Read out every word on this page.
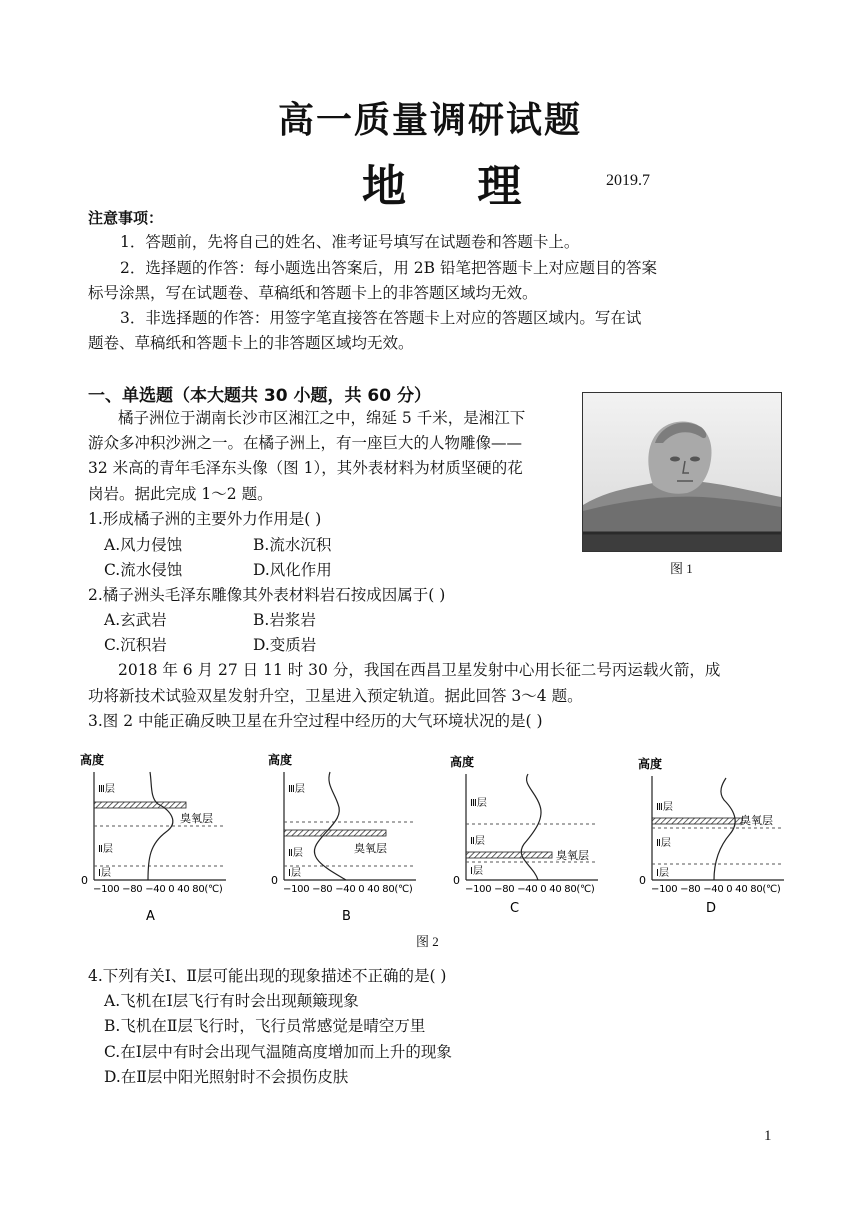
高一质量调研试题
地 理	2019.7
注意事项：
1．答题前，先将自己的姓名、准考证号填写在试题卷和答题卡上。
2．选择题的作答：每小题选出答案后，用 2B 铅笔把答题卡上对应题目的答案
标号涂黑，写在试题卷、草稿纸和答题卡上的非答题区域均无效。
3．非选择题的作答：用签字笔直接答在答题卡上对应的答题区域内。写在试
题卷、草稿纸和答题卡上的非答题区域均无效。
一、单选题（本大题共 30 小题，共 60 分）
橘子洲位于湖南长沙市区湘江之中，绵延 5 千米，是湘江下
游众多冲积沙洲之一。在橘子洲上，有一座巨大的人物雕像——
32 米高的青年毛泽东头像（图 1），其外表材料为材质坚硬的花
岗岩。据此完成 1～2 题。
图 1
1.形成橘子洲的主要外力作用是( )
A.风力侵蚀	B.流水沉积
C.流水侵蚀	D.风化作用
2.橘子洲头毛泽东雕像其外表材料岩石按成因属于( )
A.玄武岩	B.岩浆岩
C.沉积岩	D.变质岩
2018 年 6 月 27 日 11 时 30 分，我国在西昌卫星发射中心用长征二号丙运载火箭，成
功将新技术试验双星发射升空，卫星进入预定轨道。据此回答 3～4 题。
3.图 2 中能正确反映卫星在升空过程中经历的大气环境状况的是( )
高度
0
−100 −80 −40 0 40 80(℃)
Ⅲ层
Ⅱ层
Ⅰ层
臭氧层
A
高度
0
−100 −80 −40 0 40 80(℃)
Ⅲ层
Ⅱ层
Ⅰ层
臭氧层
B
高度
0
−100 −80 −40 0 40 80(℃)
Ⅲ层
Ⅱ层
Ⅰ层
臭氧层
C
高度
0
−100 −80 −40 0 40 80(℃)
Ⅲ层
Ⅱ层
Ⅰ层
臭氧层
D
图 2
4.下列有关Ⅰ、Ⅱ层可能出现的现象描述不正确的是( )
A.飞机在Ⅰ层飞行有时会出现颠簸现象
B.飞机在Ⅱ层飞行时，飞行员常感觉是晴空万里
C.在Ⅰ层中有时会出现气温随高度增加而上升的现象
D.在Ⅱ层中阳光照射时不会损伤皮肤
1
